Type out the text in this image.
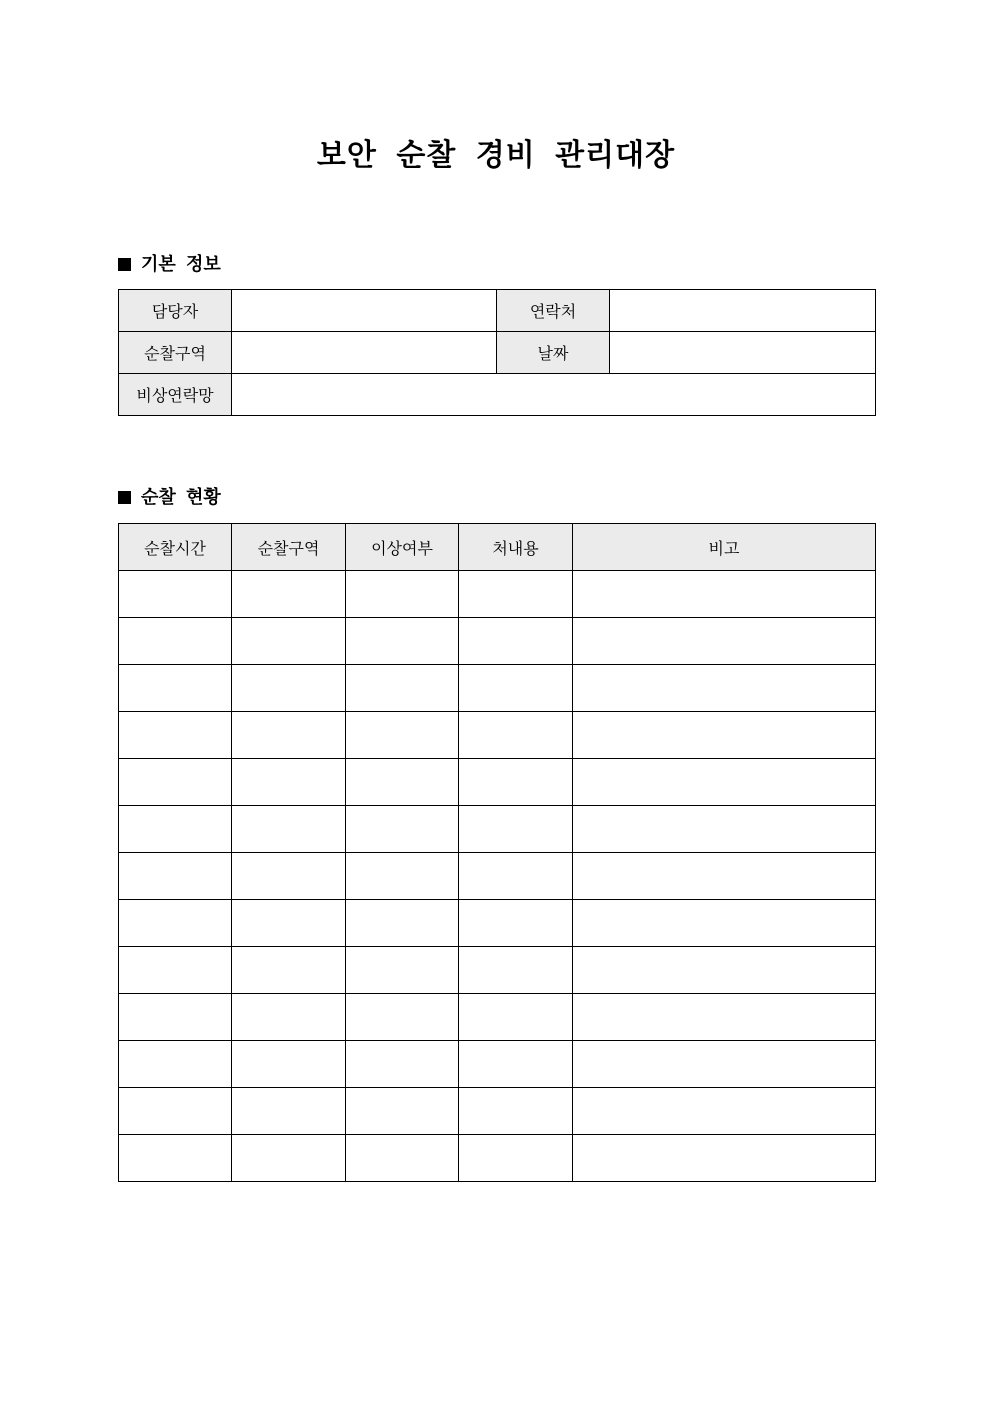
보안 순찰 경비 관리대장
기본 정보
담당자		연락처	
순찰구역		날짜	
비상연락망			
순찰 현황
순찰시간	순찰구역	이상여부	처내용	비고
